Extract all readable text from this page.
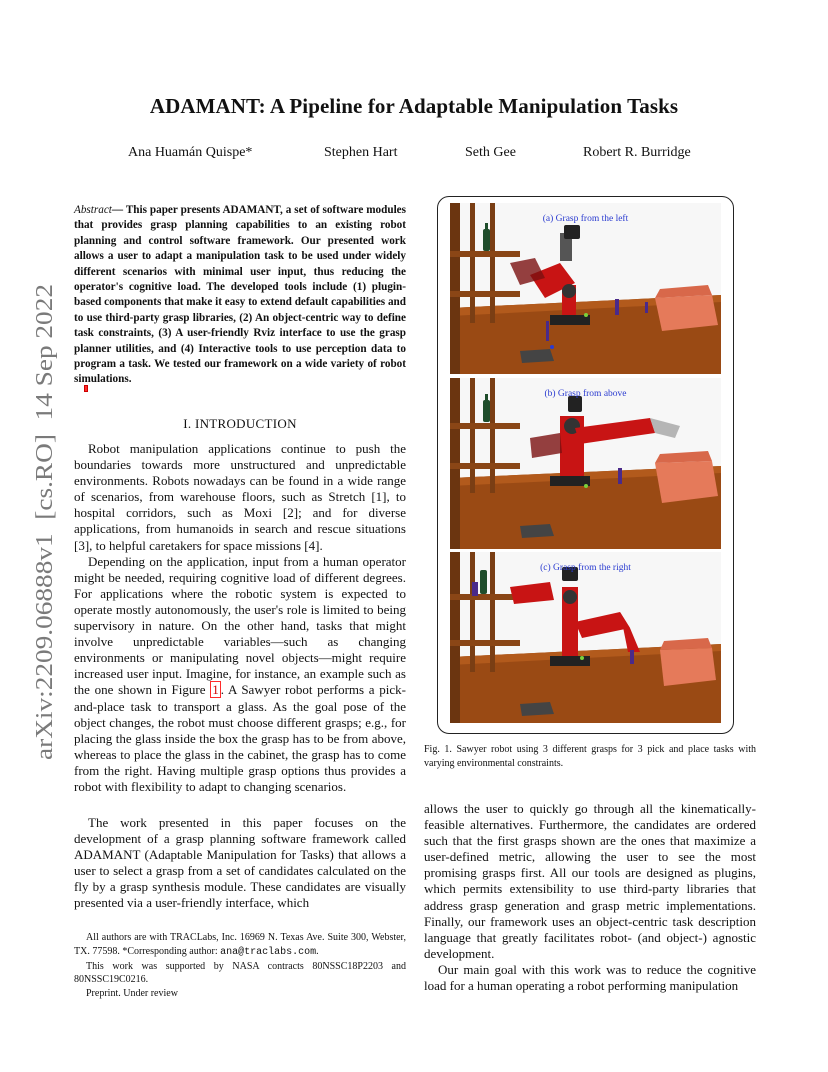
arXiv:2209.06888v1  [cs.RO]  14 Sep 2022
ADAMANT: A Pipeline for Adaptable Manipulation Tasks
Ana Huamán Quispe*	Stephen Hart	Seth Gee	Robert R. Burridge
Abstract— This paper presents ADAMANT, a set of software modules that provides grasp planning capabilities to an existing robot planning and control software framework. Our presented work allows a user to adapt a manipulation task to be used under widely different scenarios with minimal user input, thus reducing the operator's cognitive load. The developed tools include (1) plugin-based components that make it easy to extend default capabilities and to use third-party grasp libraries, (2) An object-centric way to define task constraints, (3) A user-friendly Rviz interface to use the grasp planner utilities, and (4) Interactive tools to use perception data to program a task. We tested our framework on a wide variety of robot simulations.
I. INTRODUCTION

Robot manipulation applications continue to push the boundaries towards more unstructured and unpredictable environments. Robots nowadays can be found in a wide range of scenarios, from warehouse floors, such as Stretch [1], to hospital corridors, such as Moxi [2]; and for diverse applications, from humanoids in search and rescue situations [3], to helpful caretakers for space missions [4].

Depending on the application, input from a human operator might be needed, requiring cognitive load of different degrees. For applications where the robotic system is expected to operate mostly autonomously, the user's role is limited to being supervisory in nature. On the other hand, tasks that might involve unpredictable variables—such as changing environments or manipulating novel objects—might require increased user input. Imagine, for instance, an example such as the one shown in Figure 1 . A Sawyer robot performs a pick-and-place task to transport a glass. As the goal pose of the object changes, the robot must choose different grasps; e.g., for placing the glass inside the box the grasp has to be from above, whereas to place the glass in the cabinet, the grasp has to come from the right. Having multiple grasp options thus provides a robot with flexibility to adapt to changing scenarios.

The work presented in this paper focuses on the development of a grasp planning software framework called ADAMANT (Adaptable Manipulation for Tasks) that allows a user to select a grasp from a set of candidates calculated on the fly by a grasp synthesis module. These candidates are visually presented via a user-friendly interface, which

All authors are with TRACLabs, Inc. 16969 N. Texas Ave. Suite 300, Webster, TX. 77598. *Corresponding author: ana@traclabs.com.

This work was supported by NASA contracts 80NSSC18P2203 and 80NSSC19C0216.

Preprint. Under review

allows the user to quickly go through all the kinematically-feasible alternatives. Furthermore, the candidates are ordered such that the first grasps shown are the ones that maximize a user-defined metric, allowing the user to see the most promising grasps first. All our tools are designed as plugins, which permits extensibility to use third-party libraries that address grasp generation and grasp metric implementations. Finally, our framework uses an object-centric task description language that greatly facilitates robot- (and object-) agnostic development.

Our main goal with this work was to reduce the cognitive load for a human operating a robot performing manipulation

(a) Grasp from the left
(b) Grasp from above
(c) Grasp from the right
Fig. 1. Sawyer robot using 3 different grasps for 3 pick and place tasks with varying environmental constraints.
